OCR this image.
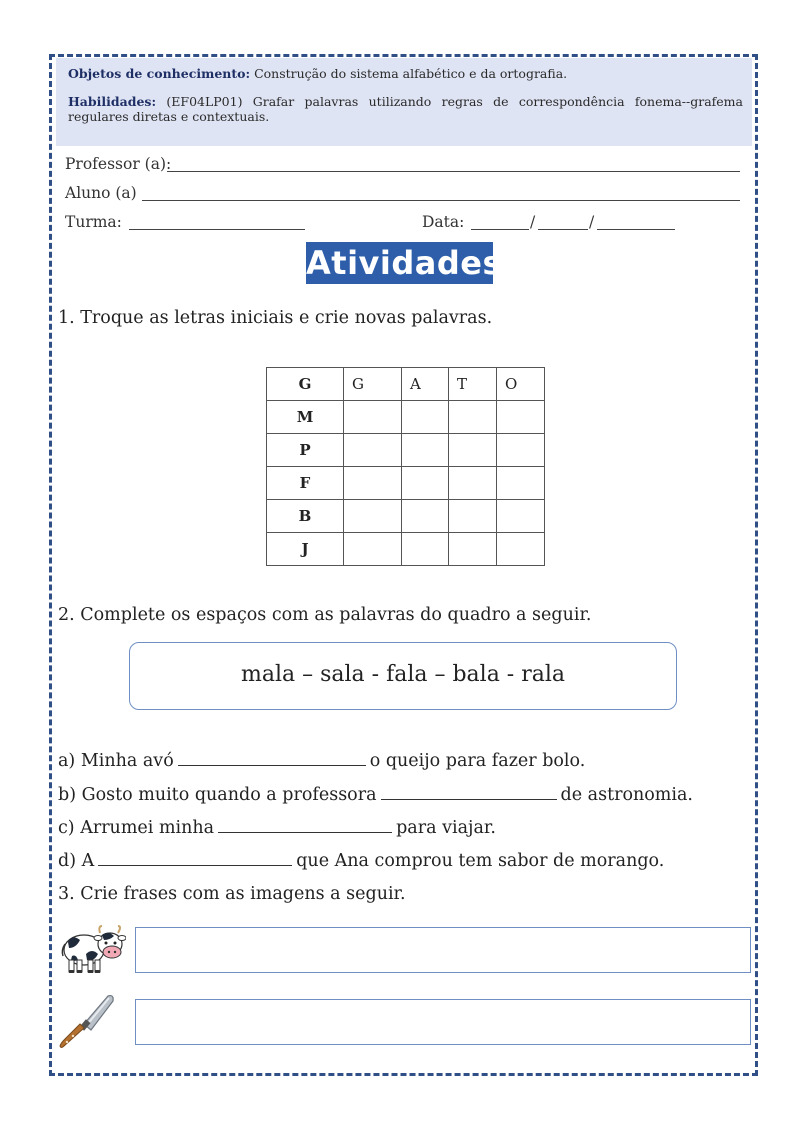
Objetos de conhecimento: Construção do sistema alfabético e da ortografia.
Habilidades: (EF04LP01) Grafar palavras utilizando regras de correspondência fonema--grafema regulares diretas e contextuais.
Professor (a):
Aluno (a)
Turma:	Data:	/	/
Atividades
1. Troque as letras iniciais e crie novas palavras.
G	G	A	T	O
M				
P				
F				
B				
J				
2. Complete os espaços com as palavras do quadro a seguir.
mala – sala - fala – bala - rala
a) Minha avó	o queijo para fazer bolo.
b) Gosto muito quando a professora	de astronomia.
c) Arrumei minha	para viajar.
d) A	que Ana comprou tem sabor de morango.
3. Crie frases com as imagens a seguir.
